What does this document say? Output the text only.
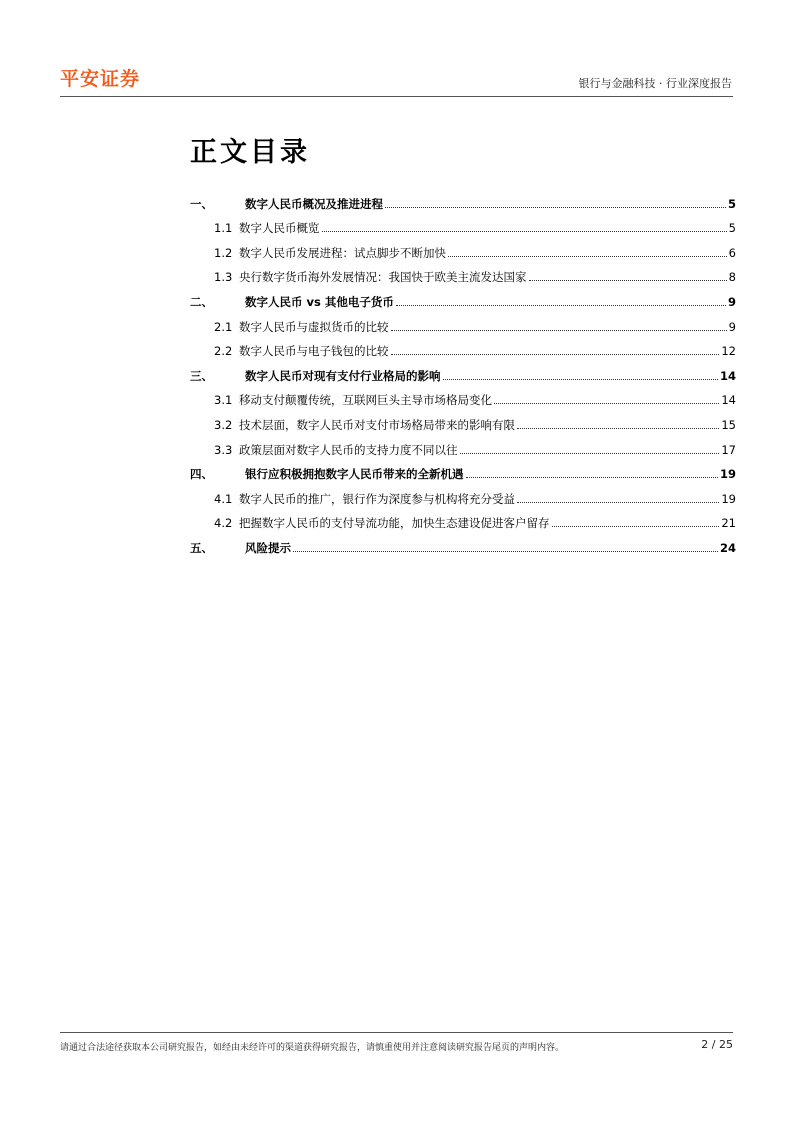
平安证券	银行与金融科技 · 行业深度报告
正文目录
一、	数字人民币概况及推进进程	5
1.1 数字人民币概览	5
1.2 数字人民币发展进程：试点脚步不断加快	6
1.3 央行数字货币海外发展情况：我国快于欧美主流发达国家	8
二、	数字人民币 vs 其他电子货币	9
2.1 数字人民币与虚拟货币的比较	9
2.2 数字人民币与电子钱包的比较	12
三、	数字人民币对现有支付行业格局的影响	14
3.1 移动支付颠覆传统，互联网巨头主导市场格局变化	14
3.2 技术层面，数字人民币对支付市场格局带来的影响有限	15
3.3 政策层面对数字人民币的支持力度不同以往	17
四、	银行应积极拥抱数字人民币带来的全新机遇	19
4.1 数字人民币的推广，银行作为深度参与机构将充分受益	19
4.2 把握数字人民币的支付导流功能，加快生态建设促进客户留存	21
五、	风险提示	24
请通过合法途径获取本公司研究报告，如经由未经许可的渠道获得研究报告，请慎重使用并注意阅读研究报告尾页的声明内容。	2 / 25
